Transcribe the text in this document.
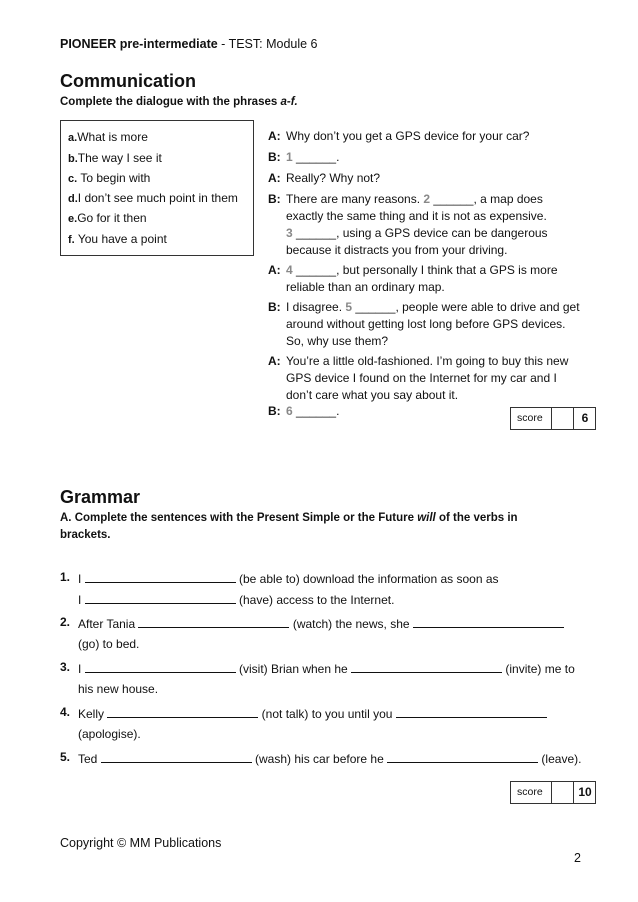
PIONEER pre-intermediate - TEST: Module 6
Communication
Complete the dialogue with the phrases a-f.
a.What is more
b.The way I see it
c. To begin with
d.I don’t see much point in them
e.Go for it then
f. You have a point
A: Why don’t you get a GPS device for your car?
B: 1 ______.
A: Really? Why not?
B: There are many reasons. 2 ______, a map does
exactly the same thing and it is not as expensive.
3 ______, using a GPS device can be dangerous
because it distracts you from your driving.
A: 4 ______, but personally I think that a GPS is more
reliable than an ordinary map.
B: I disagree. 5 ______, people were able to drive and get
around without getting lost long before GPS devices.
So, why use them?
A: You’re a little old-fashioned. I’m going to buy this new
GPS device I found on the Internet for my car and I
don’t care what you say about it.
B: 6 ______.	score	6
Grammar
A. Complete the sentences with the Present Simple or the Future will of the verbs in
brackets.
1. I	(be able to) download the information as soon as
I	(have) access to the Internet.
2. After Tania	(watch) the news, she
(go) to bed.
3. I	(visit) Brian when he	(invite) me to
his new house.
4. Kelly	(not talk) to you until you
(apologise).
5. Ted	(wash) his car before he	(leave).
score	10
Copyright © MM Publications
2
